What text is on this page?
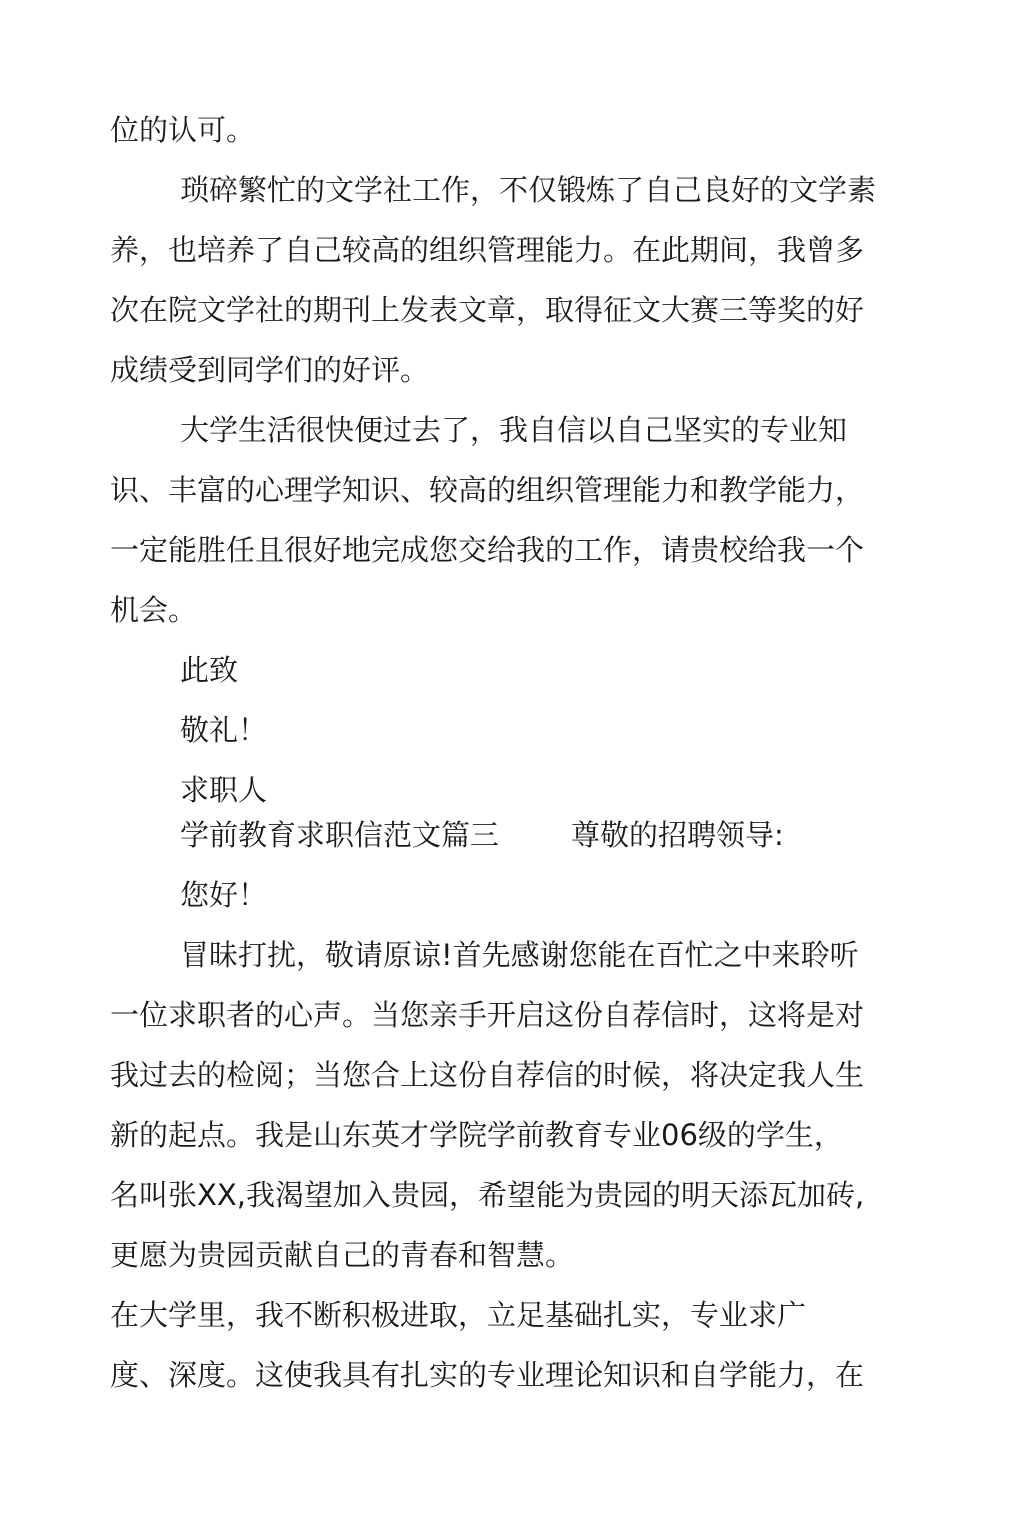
位的认可。
琐碎繁忙的文学社工作，不仅锻炼了自己良好的文学素
养，也培养了自己较高的组织管理能力。在此期间，我曾多
次在院文学社的期刊上发表文章，取得征文大赛三等奖的好
成绩受到同学们的好评。
大学生活很快便过去了，我自信以自己坚实的专业知
识、丰富的心理学知识、较高的组织管理能力和教学能力，
一定能胜任且很好地完成您交给我的工作，请贵校给我一个
机会。
此致
敬礼！
求职人
学前教育求职信范文篇三 尊敬的招聘领导:
您好！
冒昧打扰，敬请原谅!首先感谢您能在百忙之中来聆听
一位求职者的心声。当您亲手开启这份自荐信时，这将是对
我过去的检阅；当您合上这份自荐信的时候，将决定我人生
新的起点。我是山东英才学院学前教育专业06级的学生，
名叫张XX,我渴望加入贵园，希望能为贵园的明天添瓦加砖,
更愿为贵园贡献自己的青春和智慧。
在大学里，我不断积极进取，立足基础扎实，专业求广
度、深度。这使我具有扎实的专业理论知识和自学能力，在
